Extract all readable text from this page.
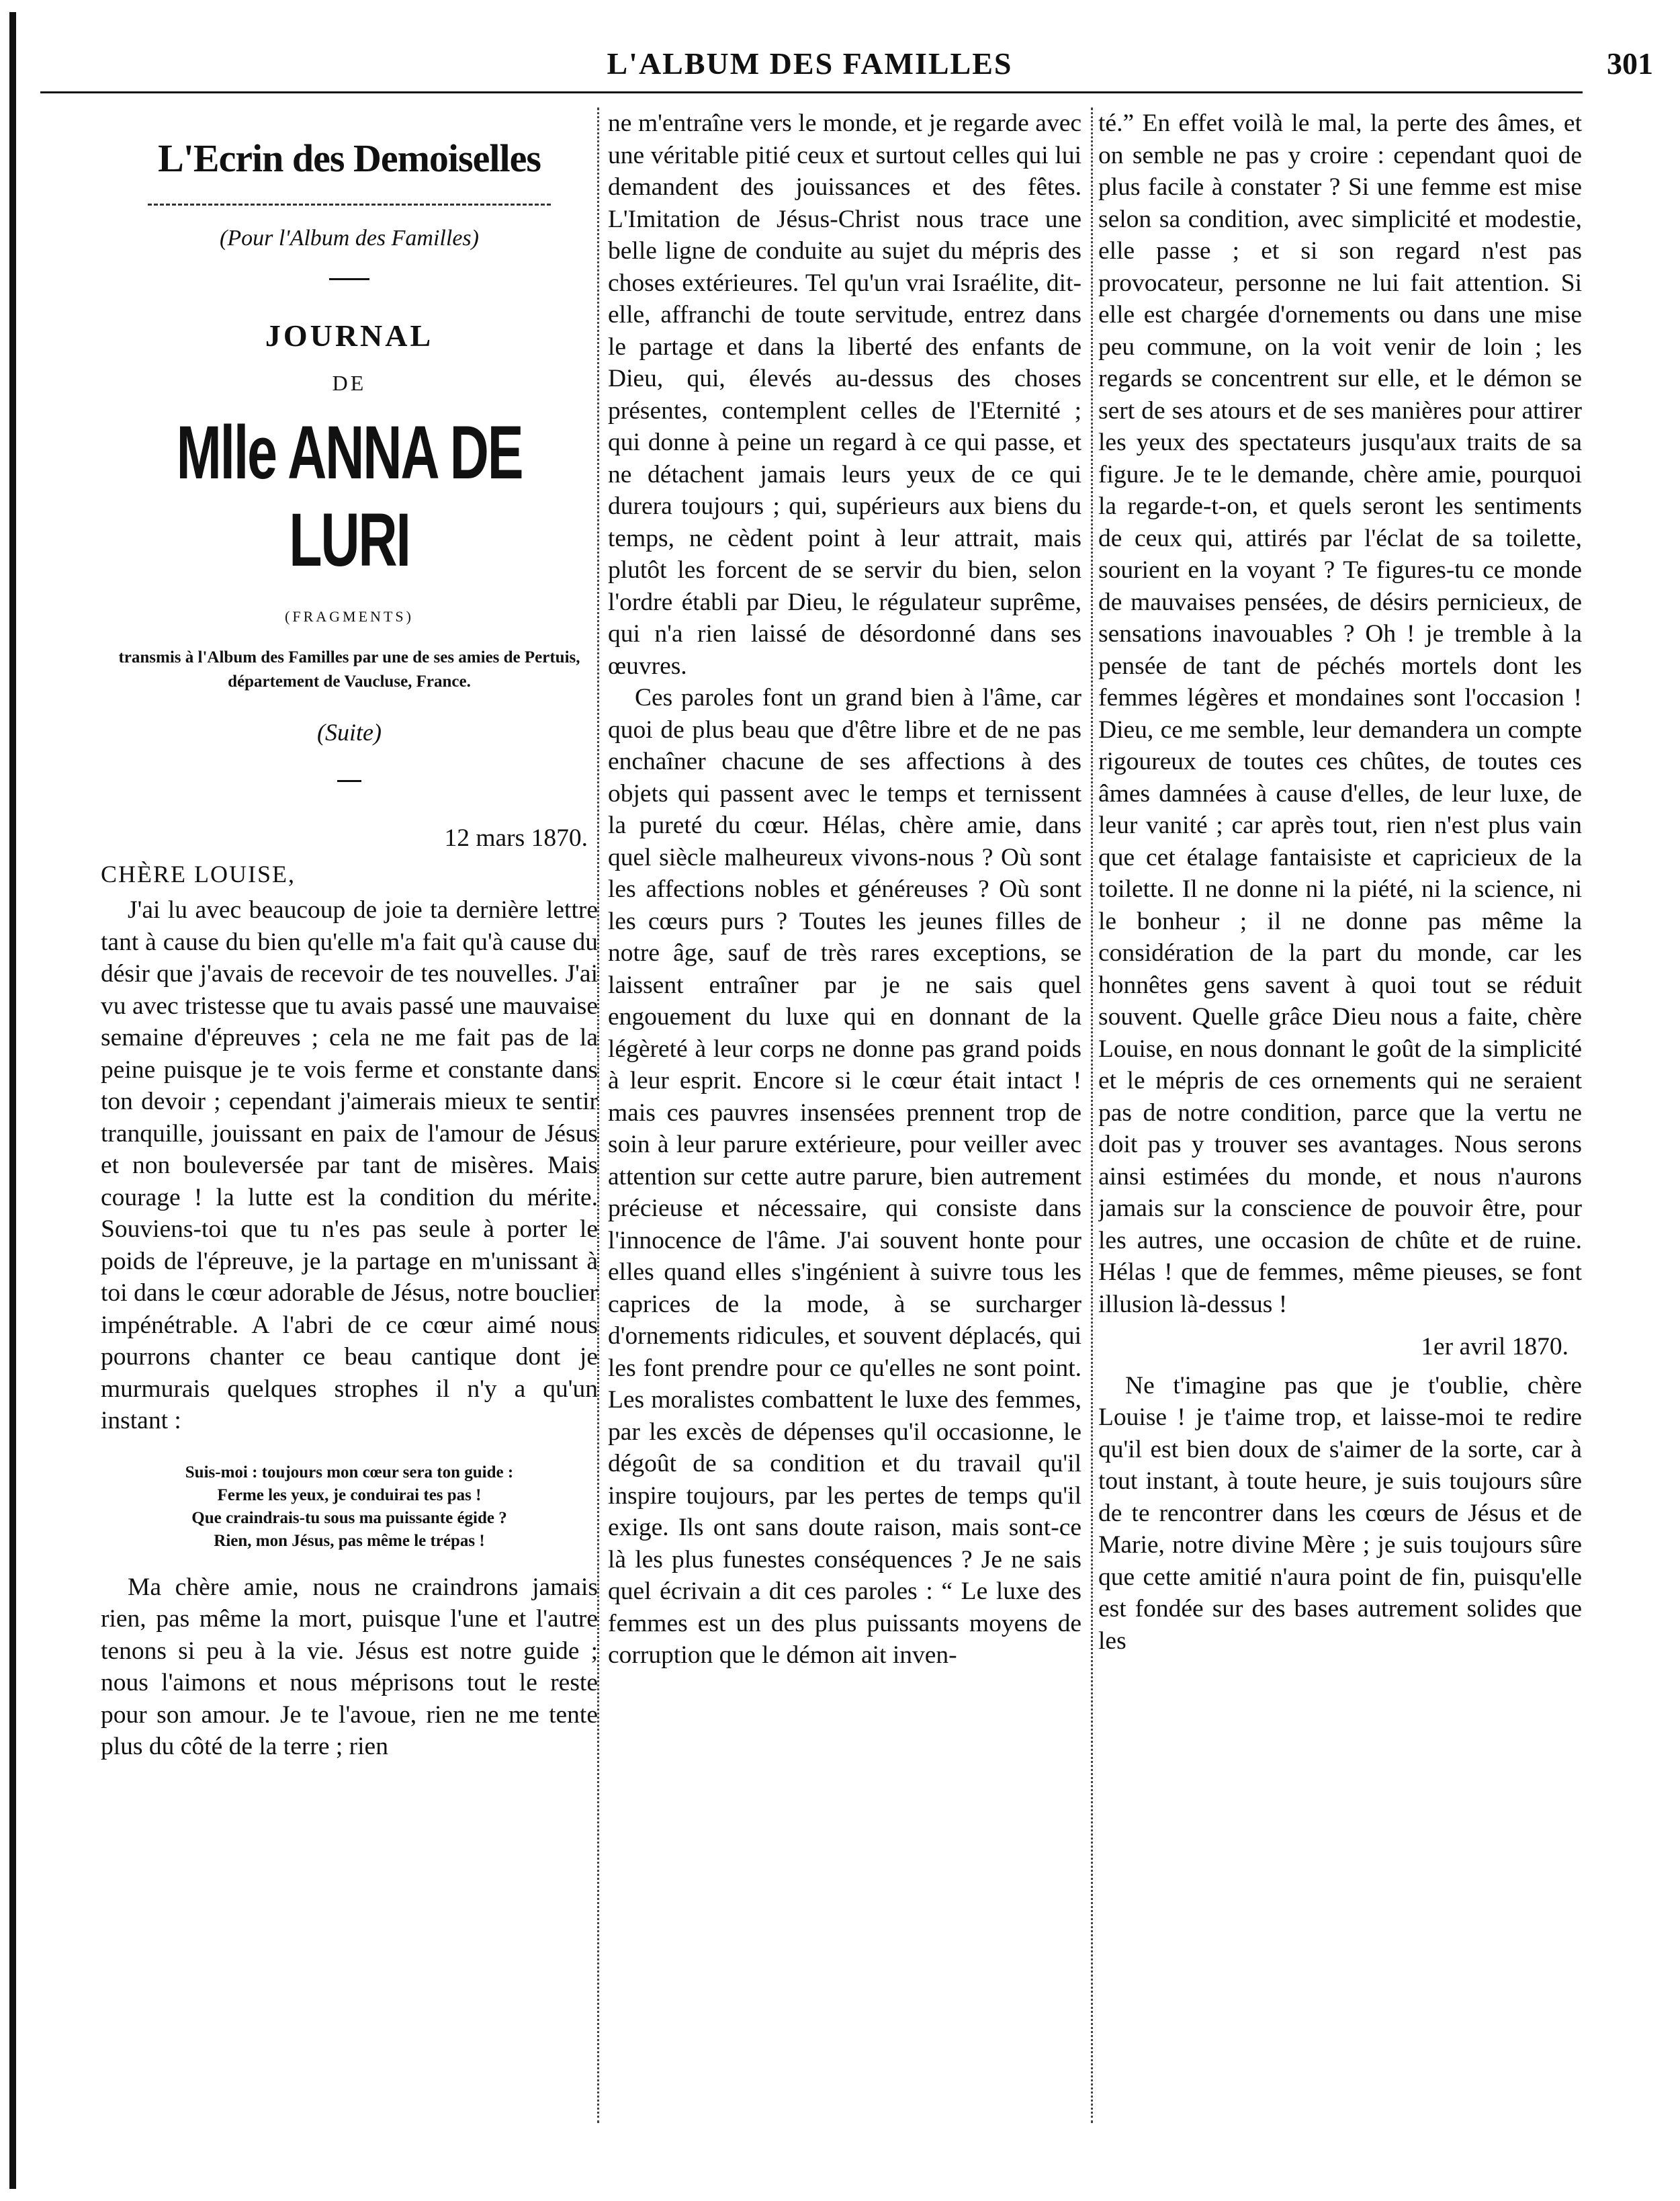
L'ALBUM DES FAMILLES	301
L'Ecrin des Demoiselles
(Pour l'Album des Familles)
JOURNAL
DE
Mlle ANNA DE LURI
(FRAGMENTS)
transmis à l'Album des Familles par une de ses amies de Pertuis, département de Vaucluse, France.
(Suite)
12 mars 1870.
CHÈRE LOUISE,

J'ai lu avec beaucoup de joie ta dernière lettre tant à cause du bien qu'elle m'a fait qu'à cause du désir que j'avais de recevoir de tes nouvelles. J'ai vu avec tristesse que tu avais passé une mauvaise semaine d'épreuves ; cela ne me fait pas de la peine puisque je te vois ferme et constante dans ton devoir ; cependant j'aimerais mieux te sentir tranquille, jouissant en paix de l'amour de Jésus et non bouleversée par tant de misères. Mais courage ! la lutte est la condition du mérite. Souviens-toi que tu n'es pas seule à porter le poids de l'épreuve, je la partage en m'unissant à toi dans le cœur adorable de Jésus, notre bouclier impénétrable. A l'abri de ce cœur aimé nous pourrons chanter ce beau cantique dont je murmurais quelques strophes il n'y a qu'un instant :

Suis-moi : toujours mon cœur sera ton guide :
Ferme les yeux, je conduirai tes pas !
Que craindrais-tu sous ma puissante égide ?
Rien, mon Jésus, pas même le trépas !

Ma chère amie, nous ne craindrons jamais rien, pas même la mort, puisque l'une et l'autre tenons si peu à la vie. Jésus est notre guide ; nous l'aimons et nous méprisons tout le reste pour son amour. Je te l'avoue, rien ne me tente plus du côté de la terre ; rien

ne m'entraîne vers le monde, et je regarde avec une véritable pitié ceux et surtout celles qui lui demandent des jouissances et des fêtes. L'Imitation de Jésus-Christ nous trace une belle ligne de conduite au sujet du mépris des choses extérieures. Tel qu'un vrai Israélite, dit-elle, affranchi de toute servitude, entrez dans le partage et dans la liberté des enfants de Dieu, qui, élevés au-dessus des choses présentes, contemplent celles de l'Eternité ; qui donne à peine un regard à ce qui passe, et ne détachent jamais leurs yeux de ce qui durera toujours ; qui, supérieurs aux biens du temps, ne cèdent point à leur attrait, mais plutôt les forcent de se servir du bien, selon l'ordre établi par Dieu, le régulateur suprême, qui n'a rien laissé de désordonné dans ses œuvres.

Ces paroles font un grand bien à l'âme, car quoi de plus beau que d'être libre et de ne pas enchaîner chacune de ses affections à des objets qui passent avec le temps et ternissent la pureté du cœur. Hélas, chère amie, dans quel siècle malheureux vivons-nous ? Où sont les affections nobles et généreuses ? Où sont les cœurs purs ? Toutes les jeunes filles de notre âge, sauf de très rares exceptions, se laissent entraîner par je ne sais quel engouement du luxe qui en donnant de la légèreté à leur corps ne donne pas grand poids à leur esprit. Encore si le cœur était intact ! mais ces pauvres insensées prennent trop de soin à leur parure extérieure, pour veiller avec attention sur cette autre parure, bien autrement précieuse et nécessaire, qui consiste dans l'innocence de l'âme. J'ai souvent honte pour elles quand elles s'ingénient à suivre tous les caprices de la mode, à se surcharger d'ornements ridicules, et souvent déplacés, qui les font prendre pour ce qu'elles ne sont point. Les moralistes combattent le luxe des femmes, par les excès de dépenses qu'il occasionne, le dégoût de sa condition et du travail qu'il inspire toujours, par les pertes de temps qu'il exige. Ils ont sans doute raison, mais sont-ce là les plus funestes conséquences ? Je ne sais quel écrivain a dit ces paroles : “ Le luxe des femmes est un des plus puissants moyens de corruption que le démon ait inven-

té.” En effet voilà le mal, la perte des âmes, et on semble ne pas y croire : cependant quoi de plus facile à constater ? Si une femme est mise selon sa condition, avec simplicité et modestie, elle passe ; et si son regard n'est pas provocateur, personne ne lui fait attention. Si elle est chargée d'ornements ou dans une mise peu commune, on la voit venir de loin ; les regards se concentrent sur elle, et le démon se sert de ses atours et de ses manières pour attirer les yeux des spectateurs jusqu'aux traits de sa figure. Je te le demande, chère amie, pourquoi la regarde-t-on, et quels seront les sentiments de ceux qui, attirés par l'éclat de sa toilette, sourient en la voyant ? Te figures-tu ce monde de mauvaises pensées, de désirs pernicieux, de sensations inavouables ? Oh ! je tremble à la pensée de tant de péchés mortels dont les femmes légères et mondaines sont l'occasion ! Dieu, ce me semble, leur demandera un compte rigoureux de toutes ces chûtes, de toutes ces âmes damnées à cause d'elles, de leur luxe, de leur vanité ; car après tout, rien n'est plus vain que cet étalage fantaisiste et capricieux de la toilette. Il ne donne ni la piété, ni la science, ni le bonheur ; il ne donne pas même la considération de la part du monde, car les honnêtes gens savent à quoi tout se réduit souvent. Quelle grâce Dieu nous a faite, chère Louise, en nous donnant le goût de la simplicité et le mépris de ces ornements qui ne seraient pas de notre condition, parce que la vertu ne doit pas y trouver ses avantages. Nous serons ainsi estimées du monde, et nous n'aurons jamais sur la conscience de pouvoir être, pour les autres, une occasion de chûte et de ruine. Hélas ! que de femmes, même pieuses, se font illusion là-dessus !

1er avril 1870.

Ne t'imagine pas que je t'oublie, chère Louise ! je t'aime trop, et laisse-moi te redire qu'il est bien doux de s'aimer de la sorte, car à tout instant, à toute heure, je suis toujours sûre de te rencontrer dans les cœurs de Jésus et de Marie, notre divine Mère ; je suis toujours sûre que cette amitié n'aura point de fin, puisqu'elle est fondée sur des bases autrement solides que les
